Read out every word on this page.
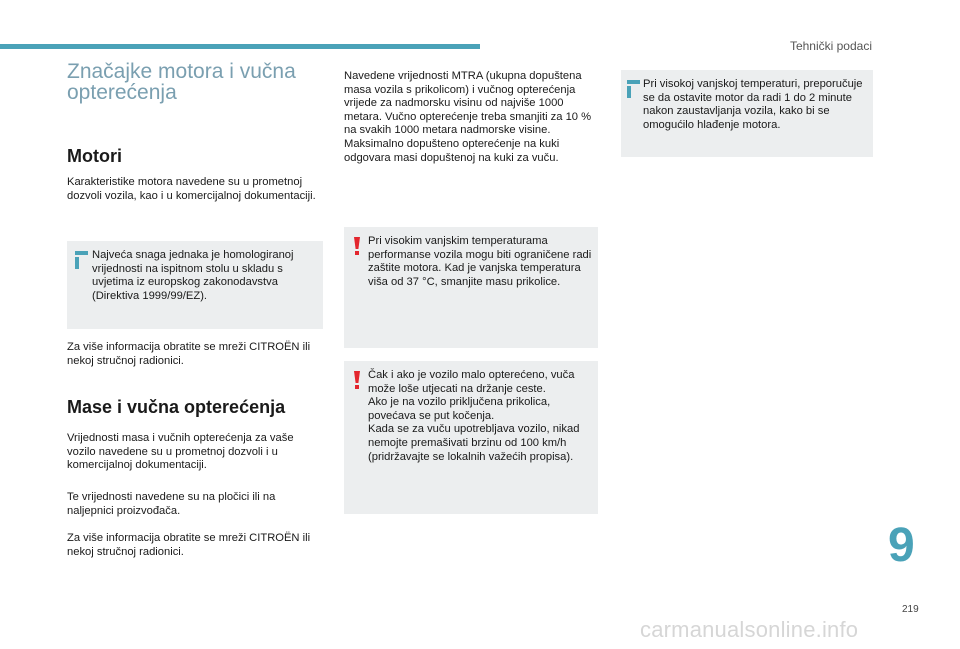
Tehnički podaci
Značajke motora i vučna opterećenja
Motori

Karakteristike motora navedene su u prometnoj dozvoli vozila, kao i u komercijalnoj dokumentaciji.

Najveća snaga jednaka je homologiranoj vrijednosti na ispitnom stolu u skladu s uvjetima iz europskog zakonodavstva (Direktiva 1999/99/EZ).

Za više informacija obratite se mreži CITROËN ili nekoj stručnoj radionici.

Mase i vučna opterećenja

Vrijednosti masa i vučnih opterećenja za vaše vozilo navedene su u prometnoj dozvoli i u komercijalnoj dokumentaciji.

Te vrijednosti navedene su na pločici ili na naljepnici proizvođača.

Za više informacija obratite se mreži CITROËN ili nekoj stručnoj radionici.

Navedene vrijednosti MTRA (ukupna dopuštena masa vozila s prikolicom) i vučnog opterećenja vrijede za nadmorsku visinu od najviše 1000 metara. Vučno opterećenje treba smanjiti za 10 % na svakih 1000 metara nadmorske visine.

Maksimalno dopušteno opterećenje na kuki odgovara masi dopuštenoj na kuki za vuču.

Pri visokim vanjskim temperaturama performanse vozila mogu biti ograničene radi zaštite motora. Kad je vanjska temperatura viša od 37 °C, smanjite masu prikolice.
Čak i ako je vozilo malo opterećeno, vuča može loše utjecati na držanje ceste.
Ako je na vozilo priključena prikolica, povećava se put kočenja.
Kada se za vuču upotrebljava vozilo, nikad nemojte premašivati brzinu od 100 km/h (pridržavajte se lokalnih važećih propisa).
Pri visokoj vanjskoj temperaturi, preporučuje se da ostavite motor da radi 1 do 2 minute nakon zaustavljanja vozila, kako bi se omogućilo hlađenje motora.
9
219
carmanualsonline.info
